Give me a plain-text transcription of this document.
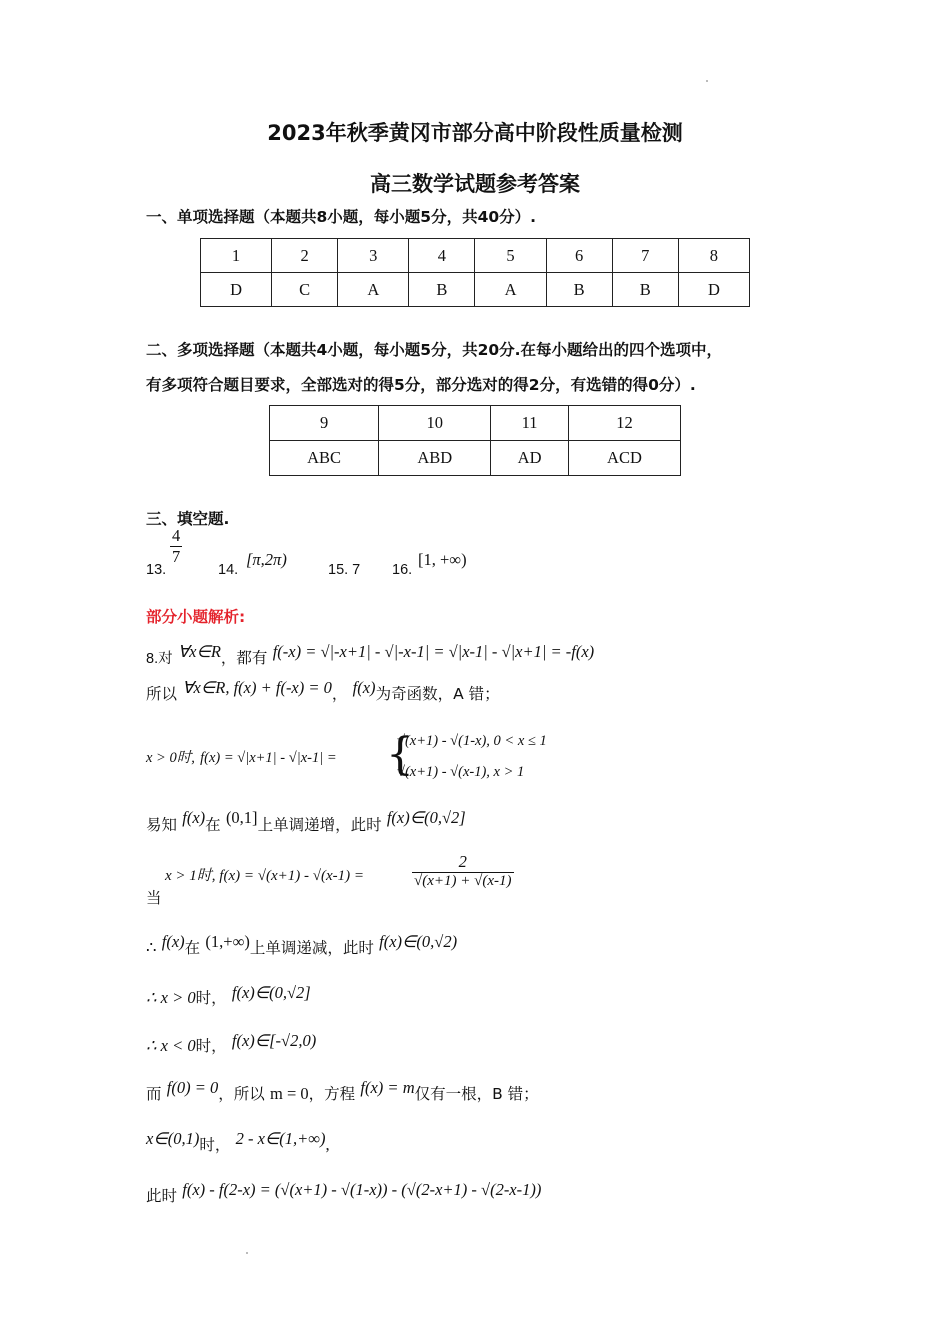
2023年秋季黄冈市部分高中阶段性质量检测
高三数学试题参考答案
一、单项选择题（本题共8小题，每小题5分，共40分）.
1	2	3	4	5	6	7	8
D	C	A	B	A	B	B	D
二、多项选择题（本题共4小题，每小题5分，共20分.在每小题给出的四个选项中，
有多项符合题目要求，全部选对的得5分，部分选对的得2分，有选错的得0分）.
9	10	11	12
ABC	ABD	AD	ACD
三、填空题.
13.
$\frac{4}{7}$
14.
[π,2π)
15. 7 16.
[1, +∞)
部分小题解析:
8.对 ∀x∈R，都有 f(-x) = √|-x+1| - √|-x-1| = √|x-1| - √|x+1| = -f(x)
所以 ∀x∈R, f(x) + f(-x) = 0， f(x)为奇函数，A 错；
x > 0时, f(x) = √|x+1| - √|x-1| = {
√(x+1) - √(1-x), 0 < x ≤ 1
√(x+1) - √(x-1), x > 1
易知 f(x)在 (0,1]上单调递增，此时 f(x)∈(0,√2]
x > 1时, f(x) = √(x+1) - √(x-1) =
当
$\frac{2}{√(x+1) + √(x-1)}$
∴ f(x)在 (1,+∞)上单调递减，此时 f(x)∈(0,√2)
∴ x > 0时， f(x)∈(0,√2]
∴ x < 0时， f(x)∈[-√2,0)
而 f(0) = 0，所以 m = 0，方程 f(x) = m仅有一根，B 错；
x∈(0,1)时， 2 - x∈(1,+∞),
此时 f(x) - f(2-x) = (√(x+1) - √(1-x)) - (√(2-x+1) - √(2-x-1))
